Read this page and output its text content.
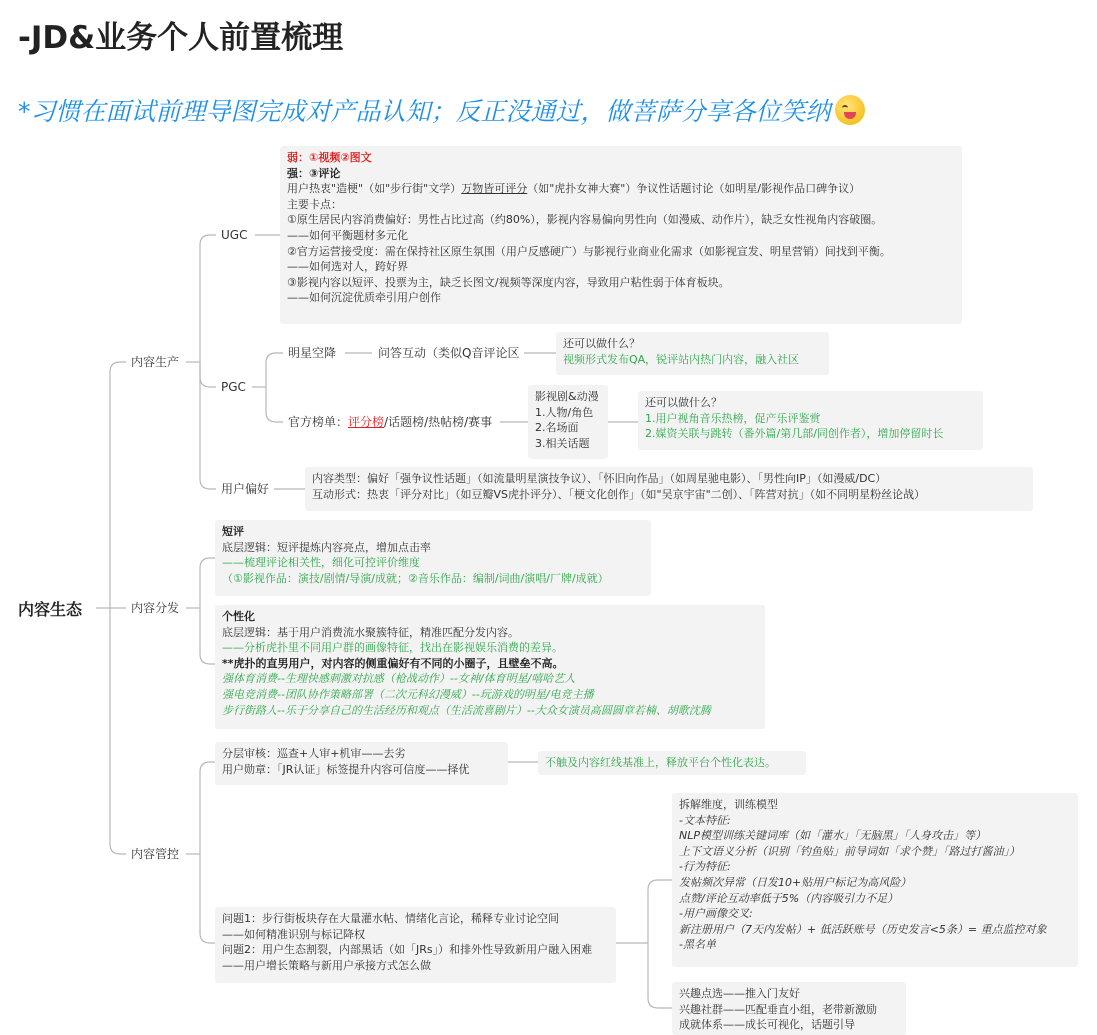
-JD&业务个人前置梳理
*习惯在面试前理导图完成对产品认知；反正没通过，做菩萨分享各位笑纳
内容生态
内容生产
内容分发
内容管控
UGC
PGC
用户偏好
明星空降	问答互动（类似Q音评论区
官方榜单：评分榜/话题榜/热帖榜/赛事
弱：①视频②图文
强：③评论
用户热衷"造梗"（如"步行街"文学）万物皆可评分（如"虎扑女神大赛"）争议性话题讨论（如明星/影视作品口碑争议）
主要卡点：
①原生居民内容消费偏好：男性占比过高（约80%），影视内容易偏向男性向（如漫威、动作片），缺乏女性视角内容破圈。
——如何平衡题材多元化
②官方运营接受度：需在保持社区原生氛围（用户反感硬广）与影视行业商业化需求（如影视宣发、明星营销）间找到平衡。
——如何选对人，跨好界
③影视内容以短评、投票为主，缺乏长图文/视频等深度内容，导致用户粘性弱于体育板块。
——如何沉淀优质牵引用户创作
还可以做什么？
视频形式发布QA，锐评站内热门内容，融入社区
影视剧&动漫
1.人物/角色
2.名场面
3.相关话题
还可以做什么？
1.用户视角音乐热榜，促产乐评鉴赏
2.媒资关联与跳转（番外篇/第几部/同创作者），增加停留时长
内容类型：偏好「强争议性话题」（如流量明星演技争议）、「怀旧向作品」（如周星驰电影）、「男性向IP」（如漫威/DC）
互动形式：热衷「评分对比」（如豆瓣VS虎扑评分）、「梗文化创作」（如"吴京宇宙"二创）、「阵营对抗」（如不同明星粉丝论战）
短评
底层逻辑：短评提炼内容亮点，增加点击率
——梳理评论相关性，细化可控评价维度
（①影视作品：演技/剧情/导演/成就；②音乐作品：编制/词曲/演唱/厂牌/成就）
个性化
底层逻辑：基于用户消费流水聚簇特征，精准匹配分发内容。
——分析虎扑里不同用户群的画像特征，找出在影视娱乐消费的差异。
**虎扑的直男用户，对内容的侧重偏好有不同的小圈子，且壁垒不高。
强体育消费--生理快感刺激对抗感（枪战动作）--女神/体育明星/嘻哈艺人
强电竞消费--团队协作策略部署（二次元科幻漫威）--玩游戏的明星/电竞主播
步行街路人--乐于分享自己的生活经历和观点（生活流喜剧片）--大众女演员高圆圆章若楠、胡歌沈腾
分层审核：巡查+人审+机审——去劣
用户勋章：「JR认证」标签提升内容可信度——择优
不触及内容红线基准上，释放平台个性化表达。
问题1：步行街板块存在大量灌水帖、情绪化言论，稀释专业讨论空间
——如何精准识别与标记降权
问题2：用户生态割裂，内部黑话（如「JRs」）和排外性导致新用户融入困难
——用户增长策略与新用户承接方式怎么做
拆解维度，训练模型
-文本特征:
NLP模型训练关键词库（如「灌水」「无脑黑」「人身攻击」等）
上下文语义分析（识别「钓鱼贴」前导词如「求个赞」「路过打酱油」）
-行为特征:
发帖频次异常（日发10+贴用户标记为高风险）
点赞/评论互动率低于5%（内容吸引力不足）
-用户画像交叉:
新注册用户（7天内发帖）+ 低活跃账号（历史发言<5条）= 重点监控对象
-黑名单
兴趣点选——推入门友好
兴趣社群——匹配垂直小组，老带新激励
成就体系——成长可视化，话题引导
